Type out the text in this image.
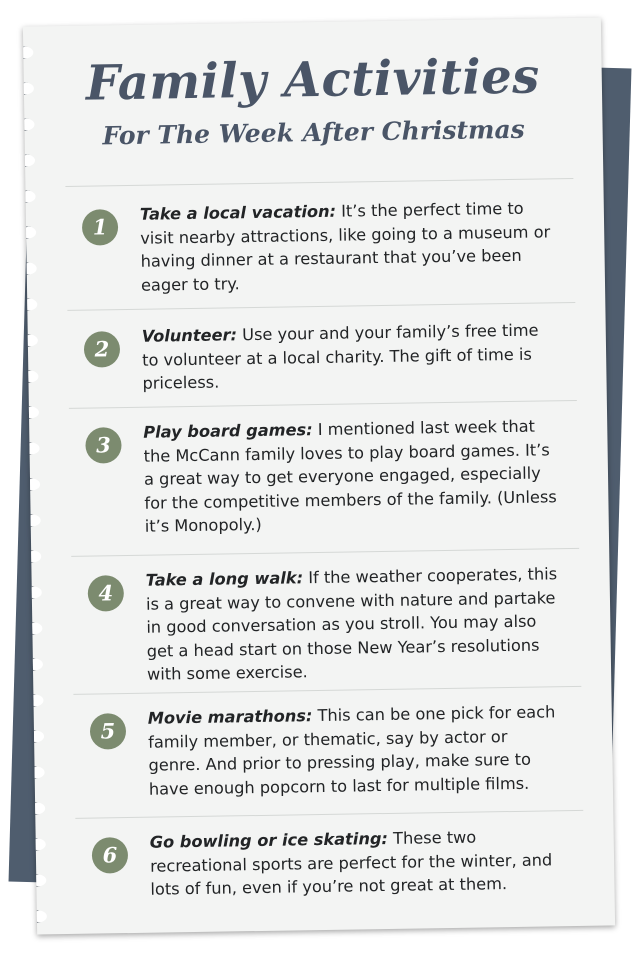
Family Activities
For The Week After Christmas
1
Take a local vacation: It’s the perfect time to visit nearby attractions, like going to a museum or having dinner at a restaurant that you’ve been eager to try.
2
Volunteer: Use your and your family’s free time to volunteer at a local charity. The gift of time is priceless.
3
Play board games: I mentioned last week that the McCann family loves to play board games. It’s a great way to get everyone engaged, especially for the competitive members of the family. (Unless it’s Monopoly.)
4
Take a long walk: If the weather cooperates, this is a great way to convene with nature and partake in good conversation as you stroll. You may also get a head start on those New Year’s resolutions with some exercise.
5
Movie marathons: This can be one pick for each family member, or thematic, say by actor or genre. And prior to pressing play, make sure to have enough popcorn to last for multiple films.
6
Go bowling or ice skating: These two recreational sports are perfect for the winter, and lots of fun, even if you’re not great at them.
